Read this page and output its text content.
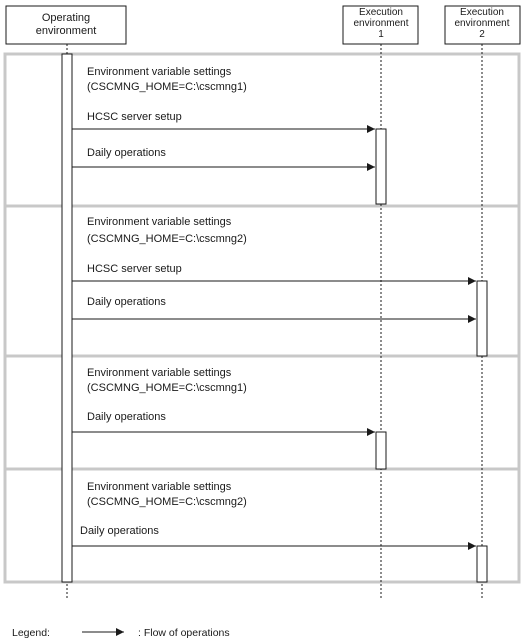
Operating
environment
Execution
environment
1
Execution
environment
2
Environment variable settings
(CSCMNG_HOME=C:\cscmng1)
HCSC server setup
Daily operations
Environment variable settings
(CSCMNG_HOME=C:\cscmng2)
HCSC server setup
Daily operations
Environment variable settings
(CSCMNG_HOME=C:\cscmng1)
Daily operations
Environment variable settings
(CSCMNG_HOME=C:\cscmng2)
Daily operations
Legend:	: Flow of operations
